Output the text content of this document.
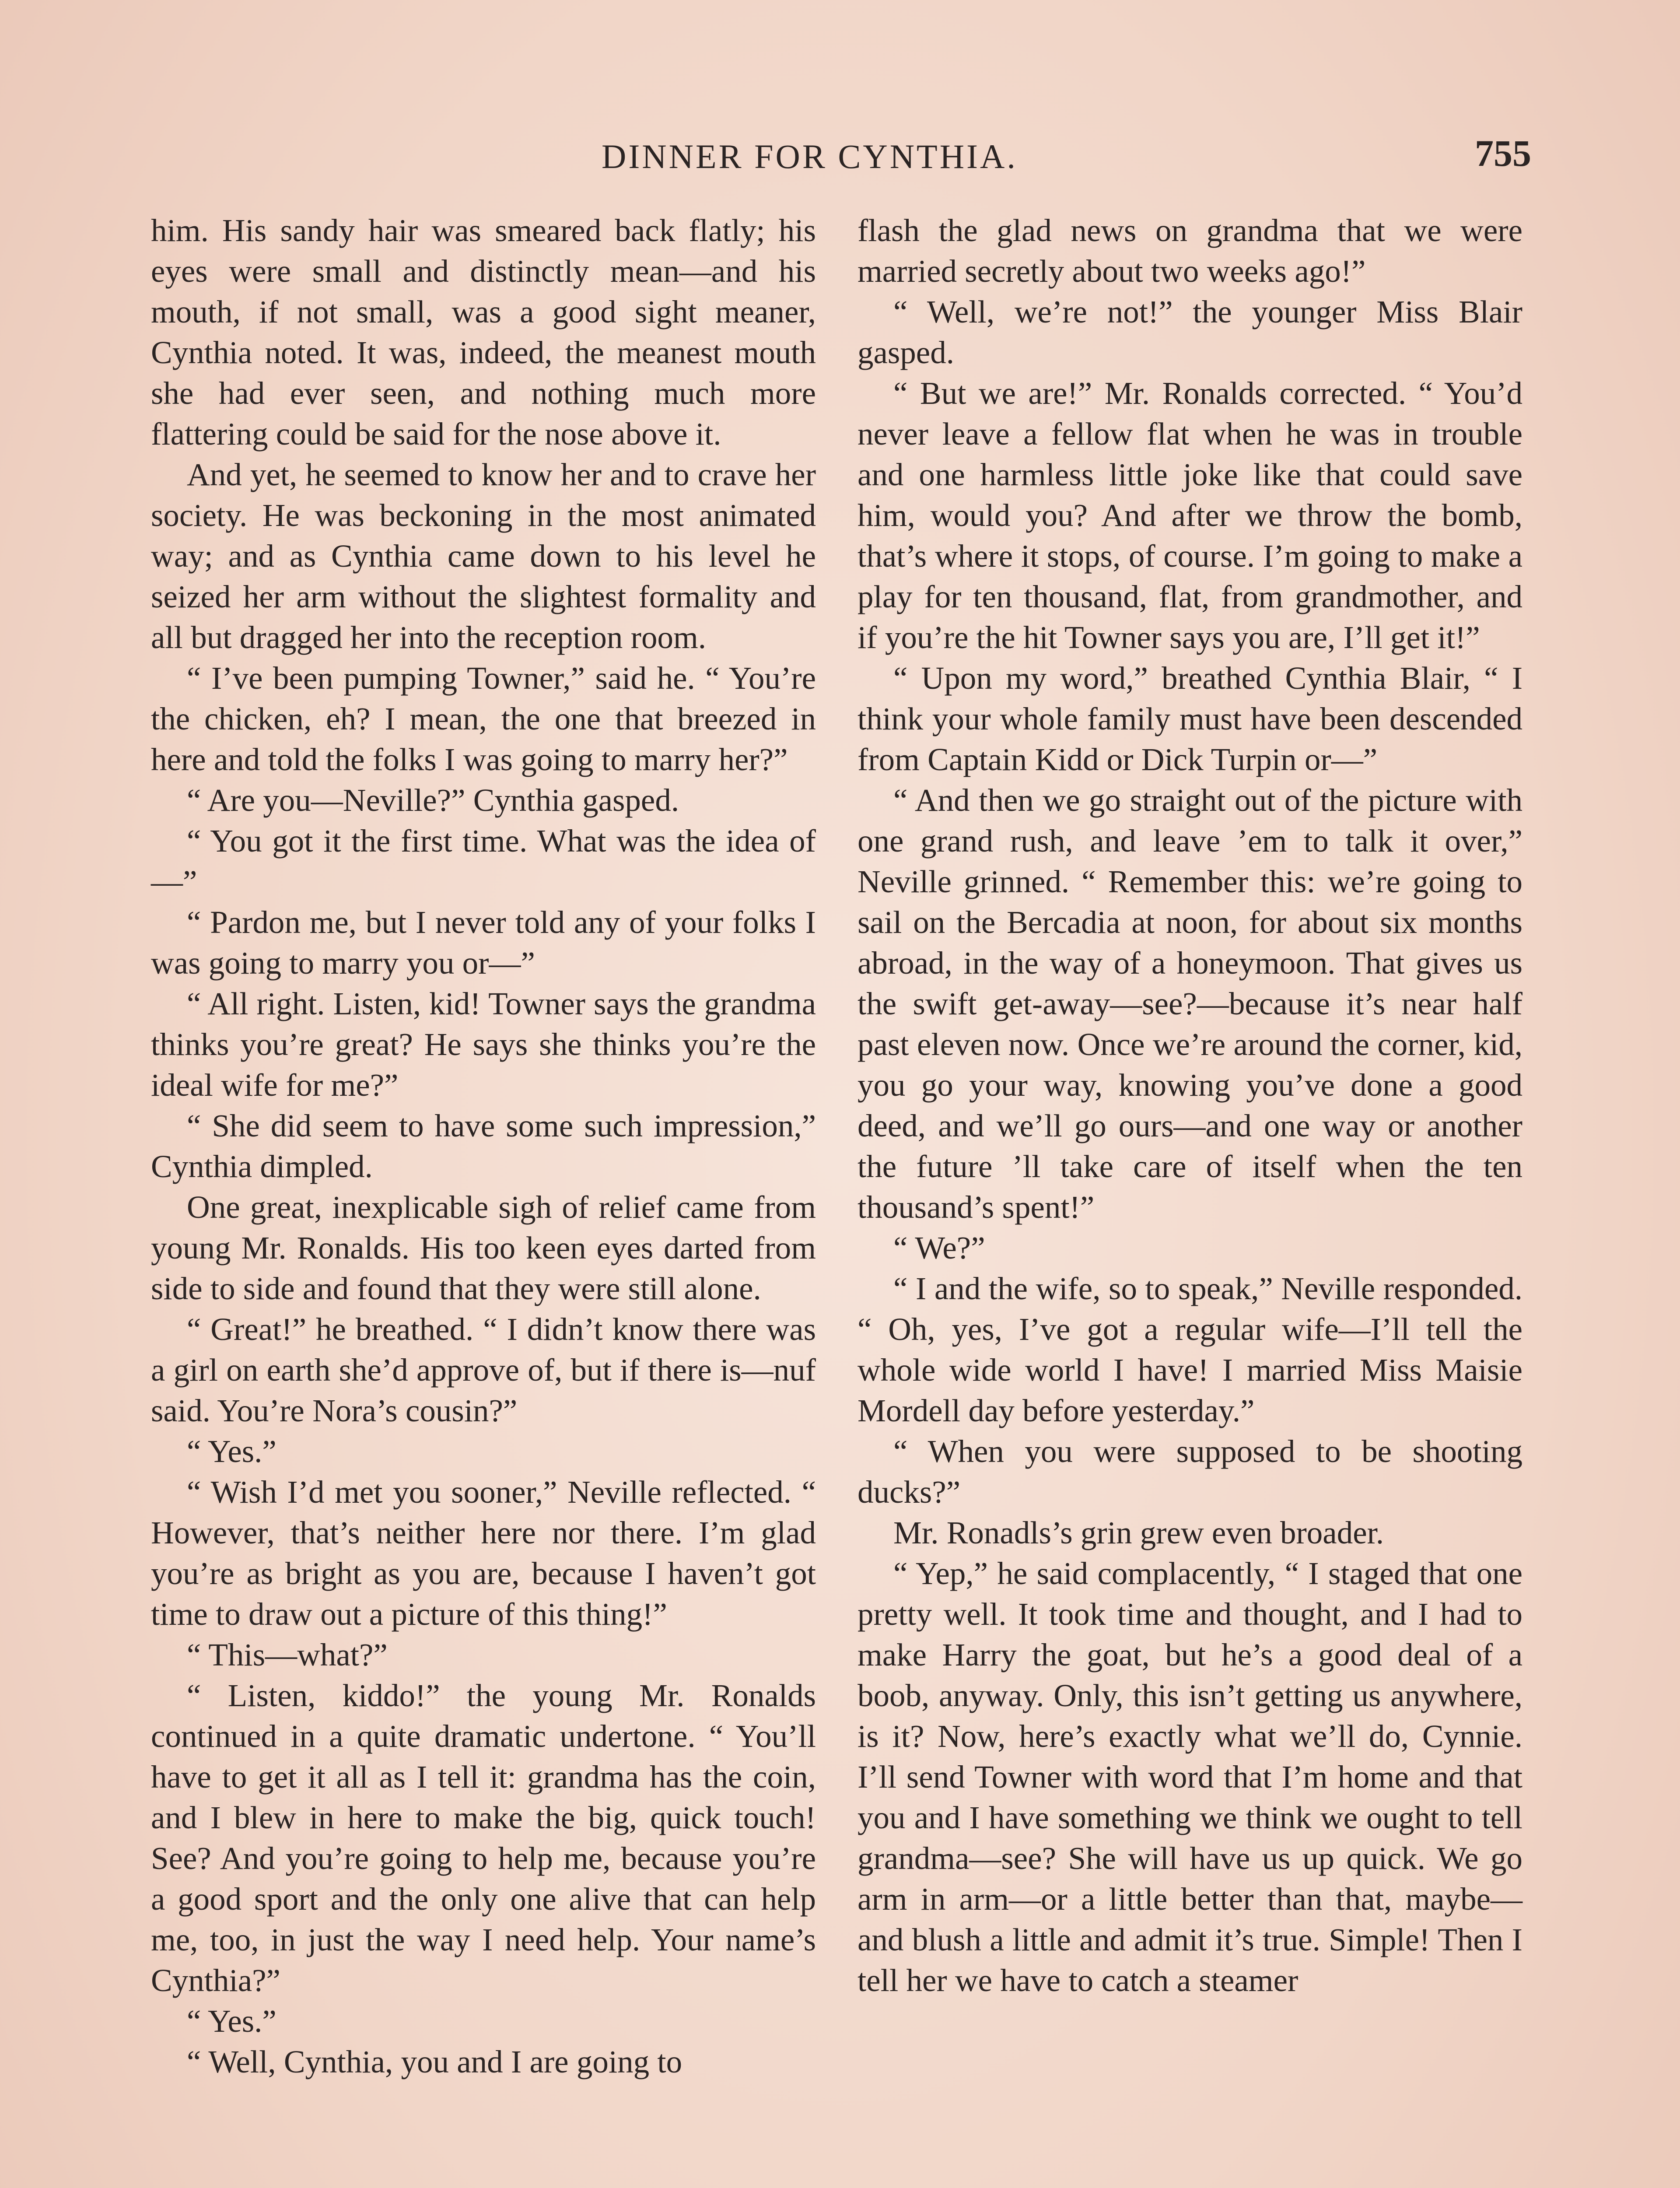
DINNER FOR CYNTHIA.	755

him. His sandy hair was smeared back flatly; his eyes were small and distinctly mean—and his mouth, if not small, was a good sight meaner, Cynthia noted. It was, indeed, the meanest mouth she had ever seen, and nothing much more flattering could be said for the nose above it.

And yet, he seemed to know her and to crave her society. He was beckoning in the most animated way; and as Cynthia came down to his level he seized her arm without the slightest formality and all but dragged her into the reception room.

“ I’ve been pumping Towner,” said he. “ You’re the chicken, eh? I mean, the one that breezed in here and told the folks I was going to marry her?”

“ Are you—Neville?” Cynthia gasped.

“ You got it the first time. What was the idea of—”

“ Pardon me, but I never told any of your folks I was going to marry you or—”

“ All right. Listen, kid! Towner says the grandma thinks you’re great? He says she thinks you’re the ideal wife for me?”

“ She did seem to have some such impression,” Cynthia dimpled.

One great, inexplicable sigh of relief came from young Mr. Ronalds. His too keen eyes darted from side to side and found that they were still alone.

“ Great!” he breathed. “ I didn’t know there was a girl on earth she’d approve of, but if there is—nuf said. You’re Nora’s cousin?”

“ Yes.”

“ Wish I’d met you sooner,” Neville reflected. “ However, that’s neither here nor there. I’m glad you’re as bright as you are, because I haven’t got time to draw out a picture of this thing!”

“ This—what?”

“ Listen, kiddo!” the young Mr. Ronalds continued in a quite dramatic undertone. “ You’ll have to get it all as I tell it: grandma has the coin, and I blew in here to make the big, quick touch! See? And you’re going to help me, because you’re a good sport and the only one alive that can help me, too, in just the way I need help. Your name’s Cynthia?”

“ Yes.”

“ Well, Cynthia, you and I are going to

flash the glad news on grandma that we were married secretly about two weeks ago!”

“ Well, we’re not!” the younger Miss Blair gasped.

“ But we are!” Mr. Ronalds corrected. “ You’d never leave a fellow flat when he was in trouble and one harmless little joke like that could save him, would you? And after we throw the bomb, that’s where it stops, of course. I’m going to make a play for ten thousand, flat, from grandmother, and if you’re the hit Towner says you are, I’ll get it!”

“ Upon my word,” breathed Cynthia Blair, “ I think your whole family must have been descended from Captain Kidd or Dick Turpin or—”

“ And then we go straight out of the picture with one grand rush, and leave ’em to talk it over,” Neville grinned. “ Remember this: we’re going to sail on the Bercadia at noon, for about six months abroad, in the way of a honeymoon. That gives us the swift get-away—see?—because it’s near half past eleven now. Once we’re around the corner, kid, you go your way, knowing you’ve done a good deed, and we’ll go ours—and one way or another the future ’ll take care of itself when the ten thousand’s spent!”

“ We?”

“ I and the wife, so to speak,” Neville responded. “ Oh, yes, I’ve got a regular wife—I’ll tell the whole wide world I have! I married Miss Maisie Mordell day before yesterday.”

“ When you were supposed to be shooting ducks?”

Mr. Ronadls’s grin grew even broader.

“ Yep,” he said complacently, “ I staged that one pretty well. It took time and thought, and I had to make Harry the goat, but he’s a good deal of a boob, anyway. Only, this isn’t getting us anywhere, is it? Now, here’s exactly what we’ll do, Cynnie. I’ll send Towner with word that I’m home and that you and I have something we think we ought to tell grandma—see? She will have us up quick. We go arm in arm—or a little better than that, maybe—and blush a little and admit it’s true. Simple! Then I tell her we have to catch a steamer
